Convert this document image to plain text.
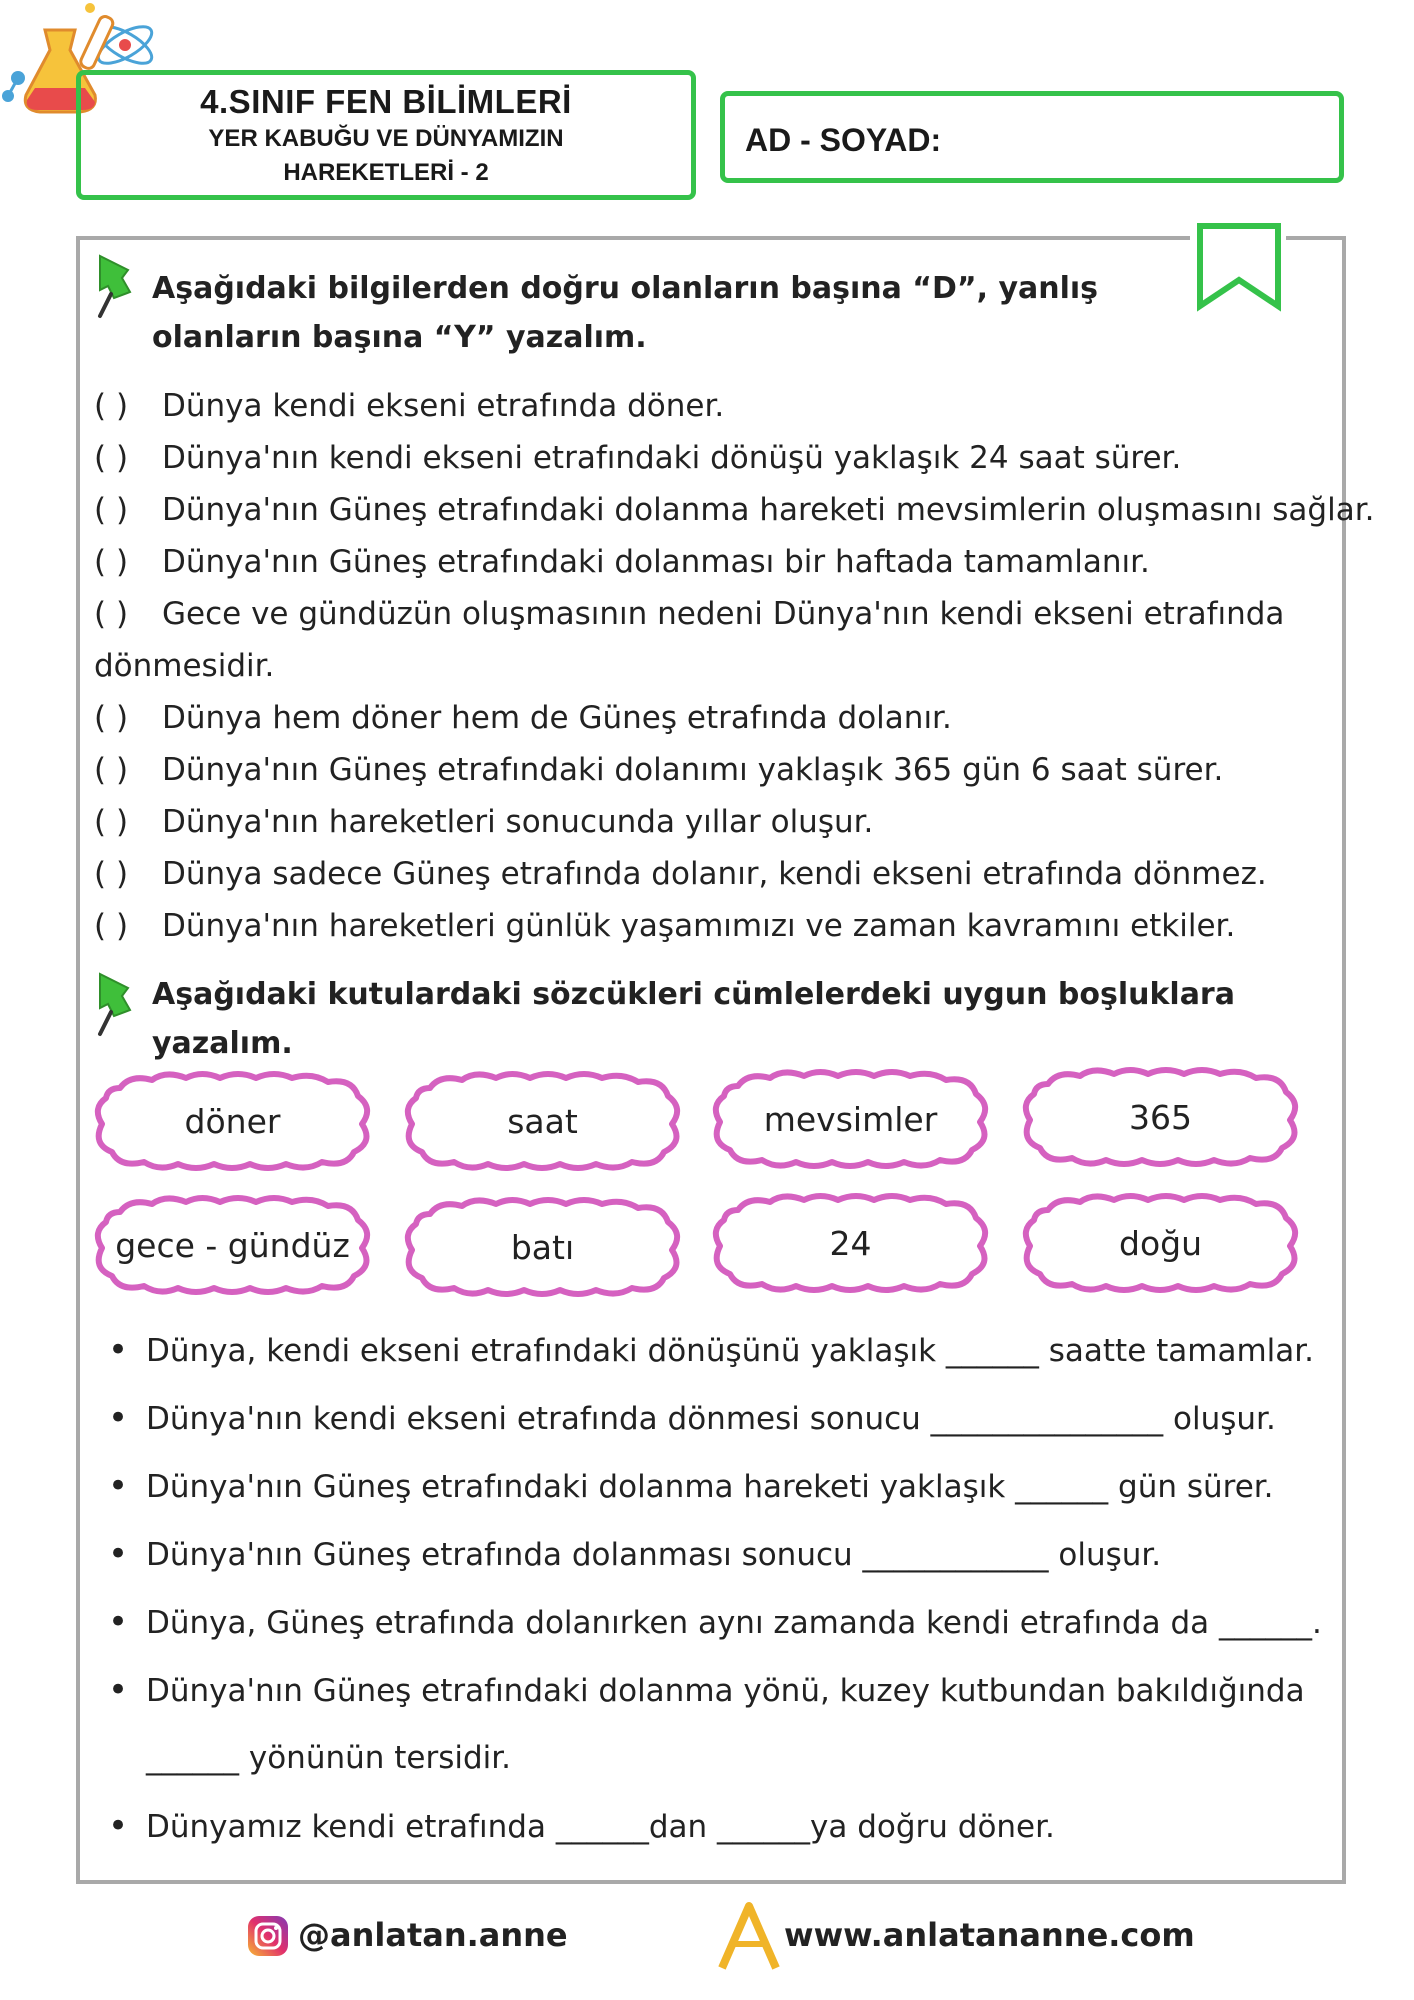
4.SINIF FEN BİLİMLERİ
YER KABUĞU VE DÜNYAMIZIN
HAREKETLERİ - 2
AD - SOYAD:
Aşağıdaki bilgilerden doğru olanların başına “D”, yanlış
olanların başına “Y” yazalım.
( ) Dünya kendi ekseni etrafında döner.
( ) Dünya'nın kendi ekseni etrafındaki dönüşü yaklaşık 24 saat sürer.
( ) Dünya'nın Güneş etrafındaki dolanma hareketi mevsimlerin oluşmasını sağlar.
( ) Dünya'nın Güneş etrafındaki dolanması bir haftada tamamlanır.
( ) Gece ve gündüzün oluşmasının nedeni Dünya'nın kendi ekseni etrafında
dönmesidir.
( ) Dünya hem döner hem de Güneş etrafında dolanır.
( ) Dünya'nın Güneş etrafındaki dolanımı yaklaşık 365 gün 6 saat sürer.
( ) Dünya'nın hareketleri sonucunda yıllar oluşur.
( ) Dünya sadece Güneş etrafında dolanır, kendi ekseni etrafında dönmez.
( ) Dünya'nın hareketleri günlük yaşamımızı ve zaman kavramını etkiler.
Aşağıdaki kutulardaki sözcükleri cümlelerdeki uygun boşluklara
yazalım.
döner	saat	mevsimler	365
gece - gündüz	batı	24	doğu
• Dünya, kendi ekseni etrafındaki dönüşünü yaklaşık ______ saatte tamamlar.
• Dünya'nın kendi ekseni etrafında dönmesi sonucu _______________ oluşur.
• Dünya'nın Güneş etrafındaki dolanma hareketi yaklaşık ______ gün sürer.
• Dünya'nın Güneş etrafında dolanması sonucu ____________ oluşur.
• Dünya, Güneş etrafında dolanırken aynı zamanda kendi etrafında da ______.
• Dünya'nın Güneş etrafındaki dolanma yönü, kuzey kutbundan bakıldığında
______ yönünün tersidir.
• Dünyamız kendi etrafında ______dan ______ya doğru döner.
@anlatan.anne	www.anlatananne.com
